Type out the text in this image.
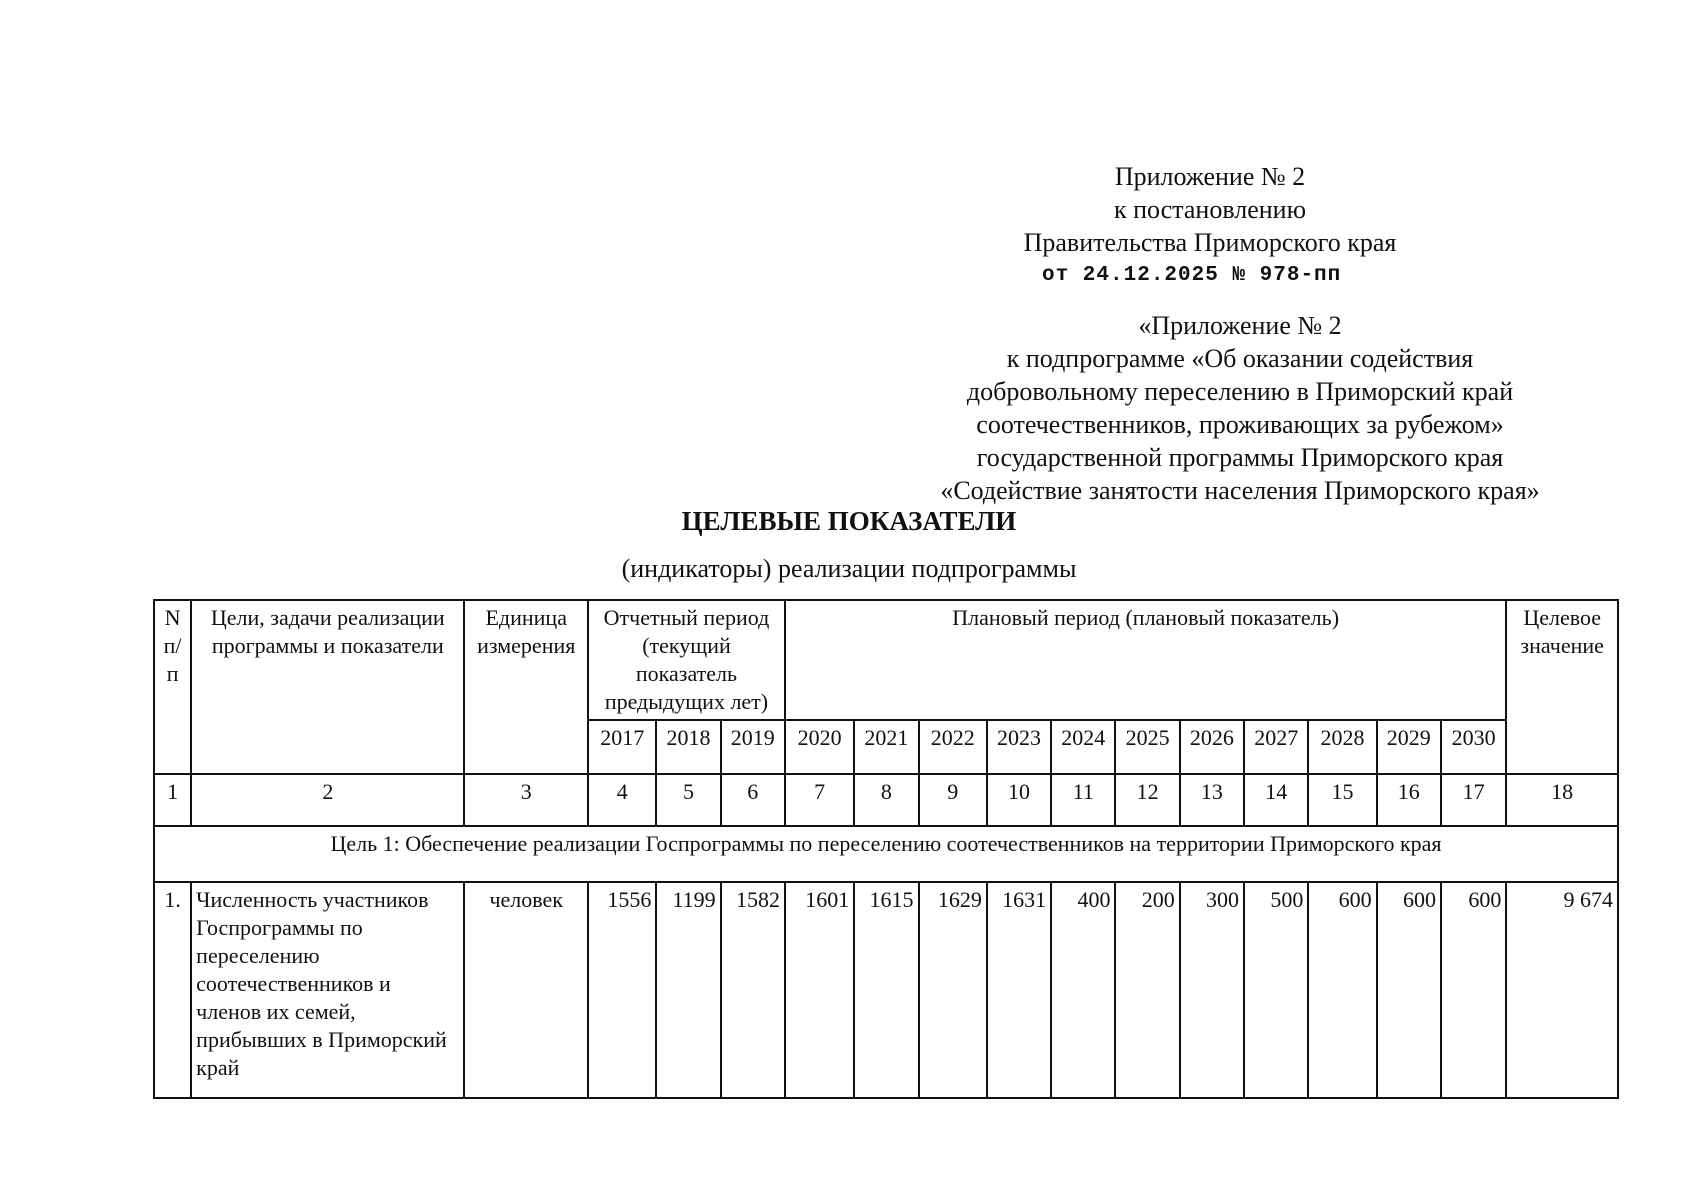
Приложение № 2
к постановлению
Правительства Приморского края
от 24.12.2025 № 978-пп
«Приложение № 2
к подпрограмме «Об оказании содействия
добровольному переселению в Приморский край
соотечественников, проживающих за рубежом»
государственной программы Приморского края
«Содействие занятости населения Приморского края»
ЦЕЛЕВЫЕ ПОКАЗАТЕЛИ
(индикаторы) реализации подпрограммы
N п/ п	Цели, задачи реализации программы и показатели	Единица измерения	Отчетный период (текущий показатель предыдущих лет)			Плановый период (плановый показатель)											Целевое значение
			2017	2018	2019	2020	2021	2022	2023	2024	2025	2026	2027	2028	2029	2030	
1	2	3	4	5	6	7	8	9	10	11	12	13	14	15	16	17	18
Цель 1: Обеспечение реализации Госпрограммы по переселению соотечественников на территории Приморского края																	
1.	Численность участников Госпрограммы по переселению соотечественников и членов их семей, прибывших в Приморский край	человек	1556	1199	1582	1601	1615	1629	1631	400	200	300	500	600	600	600	9 674
